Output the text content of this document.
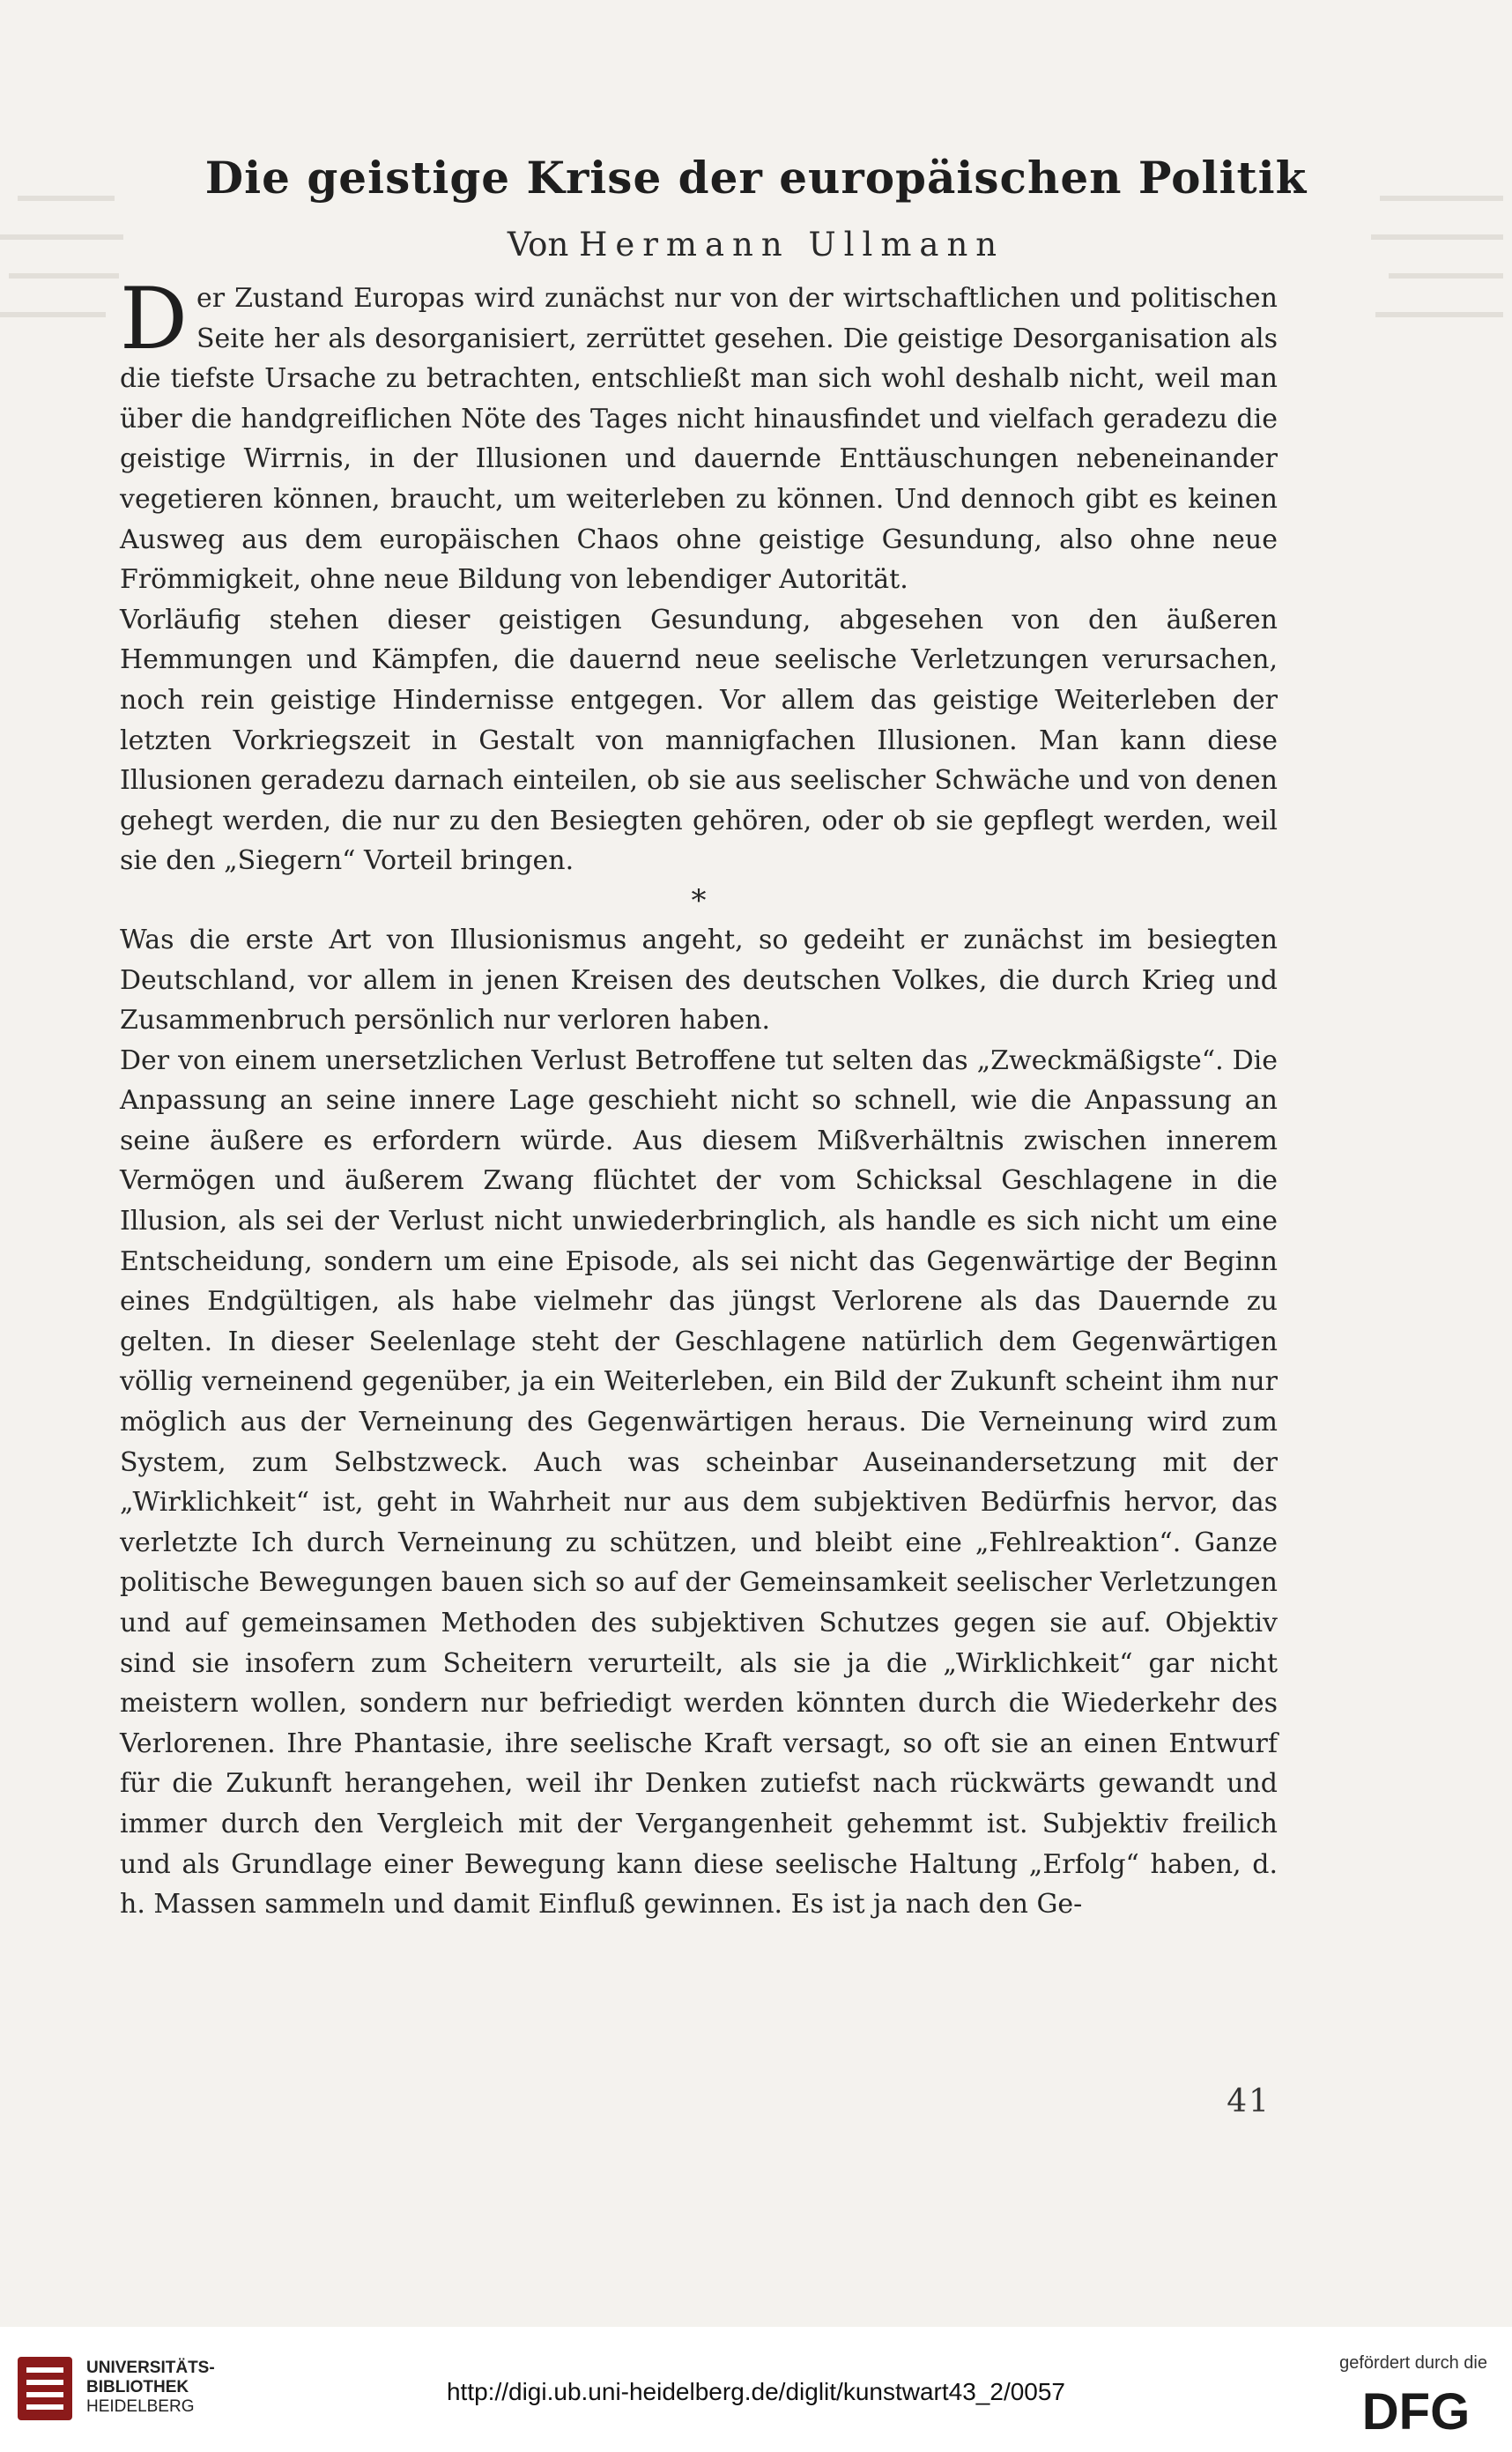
Die geistige Krise der europäischen Politik
Von Hermann Ullmann

Der Zustand Europas wird zunächst nur von der wirtschaftlichen und politischen Seite her als desorganisiert, zerrüttet gesehen. Die geistige Desorganisation als die tiefste Ursache zu betrachten, entschließt man sich wohl deshalb nicht, weil man über die handgreiflichen Nöte des Tages nicht hinausfindet und vielfach geradezu die geistige Wirrnis, in der Illusionen und dauernde Enttäuschungen nebeneinander vegetieren können, braucht, um weiterleben zu können. Und dennoch gibt es keinen Ausweg aus dem europäischen Chaos ohne geistige Gesundung, also ohne neue Frömmigkeit, ohne neue Bildung von lebendiger Autorität.

Vorläufig stehen dieser geistigen Gesundung, abgesehen von den äußeren Hemmungen und Kämpfen, die dauernd neue seelische Verletzungen verursachen, noch rein geistige Hindernisse entgegen. Vor allem das geistige Weiterleben der letzten Vorkriegszeit in Gestalt von mannigfachen Illusionen. Man kann diese Illusionen geradezu darnach einteilen, ob sie aus seelischer Schwäche und von denen gehegt werden, die nur zu den Besiegten gehören, oder ob sie gepflegt werden, weil sie den „Siegern“ Vorteil bringen.

*

Was die erste Art von Illusionismus angeht, so gedeiht er zunächst im besiegten Deutschland, vor allem in jenen Kreisen des deutschen Volkes, die durch Krieg und Zusammenbruch persönlich nur verloren haben.

Der von einem unersetzlichen Verlust Betroffene tut selten das „Zweckmäßigste“. Die Anpassung an seine innere Lage geschieht nicht so schnell, wie die Anpassung an seine äußere es erfordern würde. Aus diesem Mißverhältnis zwischen innerem Vermögen und äußerem Zwang flüchtet der vom Schicksal Geschlagene in die Illusion, als sei der Verlust nicht unwiederbringlich, als handle es sich nicht um eine Entscheidung, sondern um eine Episode, als sei nicht das Gegenwärtige der Beginn eines Endgültigen, als habe vielmehr das jüngst Verlorene als das Dauernde zu gelten. In dieser Seelenlage steht der Geschlagene natürlich dem Gegenwärtigen völlig verneinend gegenüber, ja ein Weiterleben, ein Bild der Zukunft scheint ihm nur möglich aus der Verneinung des Gegenwärtigen heraus. Die Verneinung wird zum System, zum Selbstzweck. Auch was scheinbar Auseinandersetzung mit der „Wirklichkeit“ ist, geht in Wahrheit nur aus dem subjektiven Bedürfnis hervor, das verletzte Ich durch Verneinung zu schützen, und bleibt eine „Fehlreaktion“. Ganze politische Bewegungen bauen sich so auf der Gemeinsamkeit seelischer Verletzungen und auf gemeinsamen Methoden des subjektiven Schutzes gegen sie auf. Objektiv sind sie insofern zum Scheitern verurteilt, als sie ja die „Wirklichkeit“ gar nicht meistern wollen, sondern nur befriedigt werden könnten durch die Wiederkehr des Verlorenen. Ihre Phantasie, ihre seelische Kraft versagt, so oft sie an einen Entwurf für die Zukunft herangehen, weil ihr Denken zutiefst nach rückwärts gewandt und immer durch den Vergleich mit der Vergangenheit gehemmt ist. Subjektiv freilich und als Grundlage einer Bewegung kann diese seelische Haltung „Erfolg“ haben, d. h. Massen sammeln und damit Einfluß gewinnen. Es ist ja nach den Ge-

41
UNIVERSITÄTS-
BIBLIOTHEK
HEIDELBERG
http://digi.ub.uni-heidelberg.de/diglit/kunstwart43_2/0057
gefördert durch die
DFG
